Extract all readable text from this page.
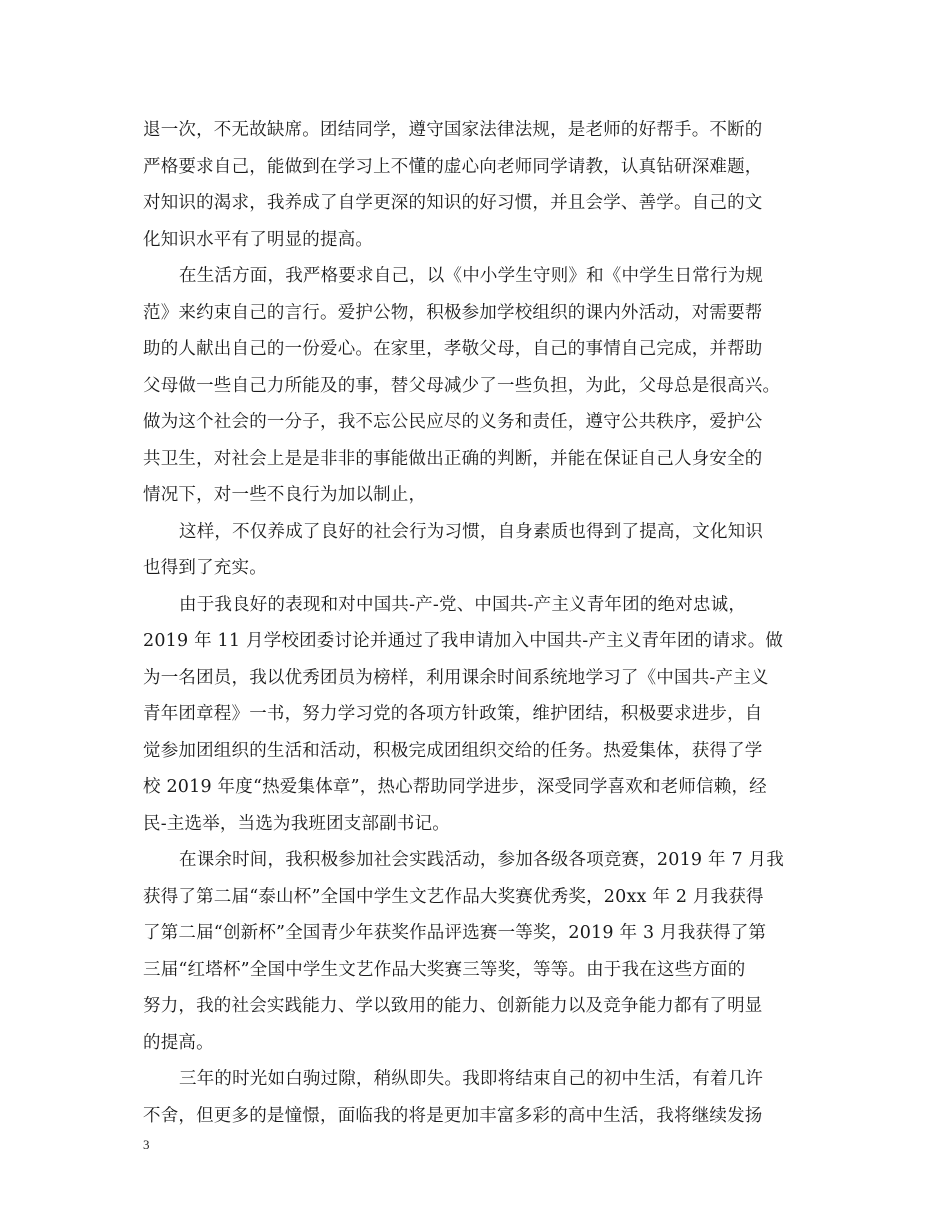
退一次，不无故缺席。团结同学，遵守国家法律法规，是老师的好帮手。不断的
严格要求自己，能做到在学习上不懂的虚心向老师同学请教，认真钻研深难题，
对知识的渴求，我养成了自学更深的知识的好习惯，并且会学、善学。自己的文
化知识水平有了明显的提高。
在生活方面，我严格要求自己，以《中小学生守则》和《中学生日常行为规
范》来约束自己的言行。爱护公物，积极参加学校组织的课内外活动，对需要帮
助的人献出自己的一份爱心。在家里，孝敬父母，自己的事情自己完成，并帮助
父母做一些自己力所能及的事，替父母减少了一些负担，为此，父母总是很高兴。
做为这个社会的一分子，我不忘公民应尽的义务和责任，遵守公共秩序，爱护公
共卫生，对社会上是是非非的事能做出正确的判断，并能在保证自己人身安全的
情况下，对一些不良行为加以制止，
这样，不仅养成了良好的社会行为习惯，自身素质也得到了提高，文化知识
也得到了充实。
由于我良好的表现和对中国共-产-党、中国共-产主义青年团的绝对忠诚，
2019 年 11 月学校团委讨论并通过了我申请加入中国共-产主义青年团的请求。做
为一名团员，我以优秀团员为榜样，利用课余时间系统地学习了《中国共-产主义
青年团章程》一书，努力学习党的各项方针政策，维护团结，积极要求进步，自
觉参加团组织的生活和活动，积极完成团组织交给的任务。热爱集体，获得了学
校 2019 年度“热爱集体章”，热心帮助同学进步，深受同学喜欢和老师信赖，经
民-主选举，当选为我班团支部副书记。
在课余时间，我积极参加社会实践活动，参加各级各项竞赛，2019 年 7 月我
获得了第二届“泰山杯”全国中学生文艺作品大奖赛优秀奖，20xx 年 2 月我获得
了第二届“创新杯”全国青少年获奖作品评选赛一等奖，2019 年 3 月我获得了第
三届“红塔杯”全国中学生文艺作品大奖赛三等奖，等等。由于我在这些方面的
努力，我的社会实践能力、学以致用的能力、创新能力以及竞争能力都有了明显
的提高。
三年的时光如白驹过隙，稍纵即失。我即将结束自己的初中生活，有着几许
不舍，但更多的是憧憬，面临我的将是更加丰富多彩的高中生活，我将继续发扬
3
